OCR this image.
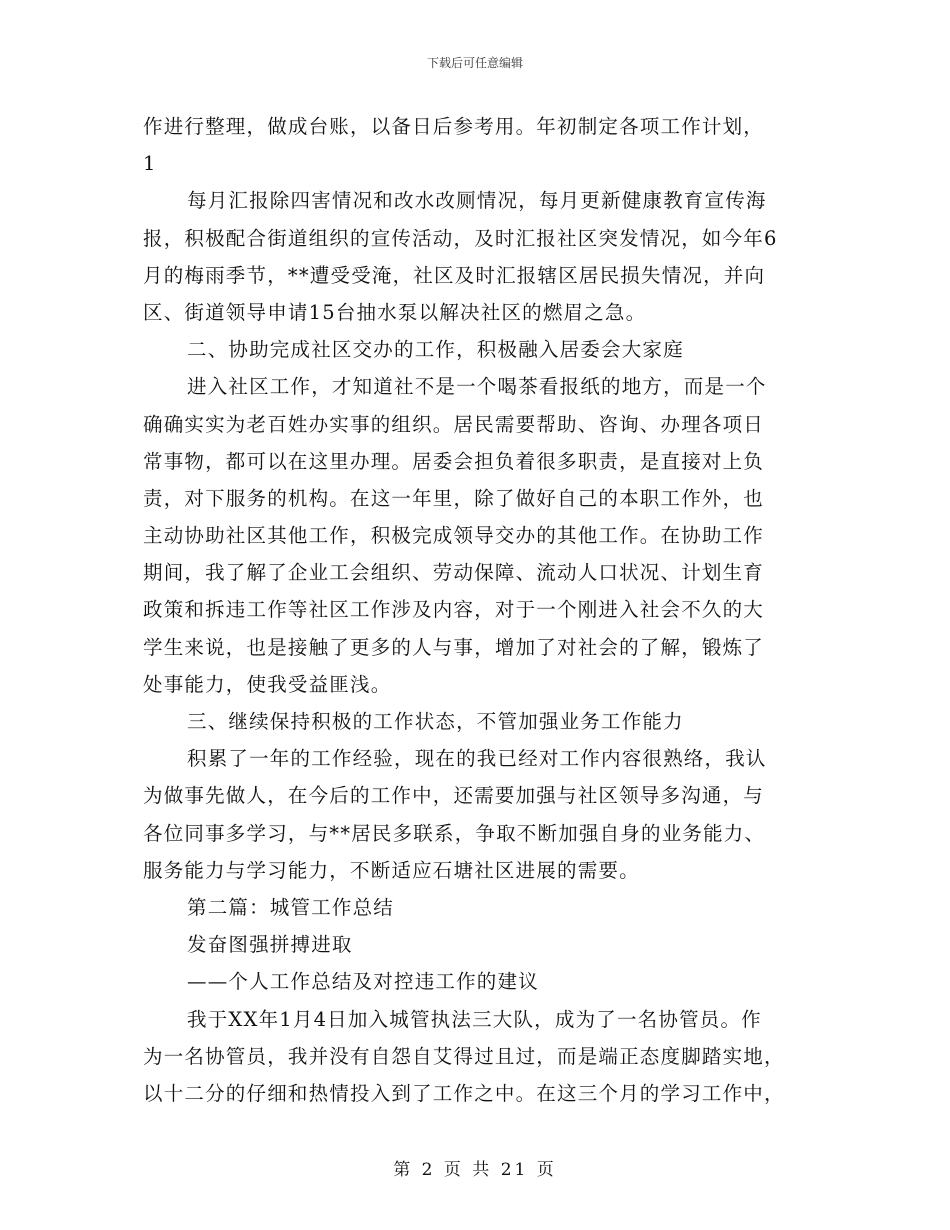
下载后可任意编辑
作进行整理，做成台账，以备日后参考用。年初制定各项工作计划，
1
每月汇报除四害情况和改水改厕情况，每月更新健康教育宣传海
报，积极配合街道组织的宣传活动，及时汇报社区突发情况，如今年6
月的梅雨季节，**遭受受淹，社区及时汇报辖区居民损失情况，并向
区、街道领导申请15台抽水泵以解决社区的燃眉之急。
二、协助完成社区交办的工作，积极融入居委会大家庭
进入社区工作，才知道社不是一个喝茶看报纸的地方，而是一个
确确实实为老百姓办实事的组织。居民需要帮助、咨询、办理各项日
常事物，都可以在这里办理。居委会担负着很多职责，是直接对上负
责，对下服务的机构。在这一年里，除了做好自己的本职工作外，也
主动协助社区其他工作，积极完成领导交办的其他工作。在协助工作
期间，我了解了企业工会组织、劳动保障、流动人口状况、计划生育
政策和拆违工作等社区工作涉及内容，对于一个刚进入社会不久的大
学生来说，也是接触了更多的人与事，增加了对社会的了解，锻炼了
处事能力，使我受益匪浅。
三、继续保持积极的工作状态，不管加强业务工作能力
积累了一年的工作经验，现在的我已经对工作内容很熟络，我认
为做事先做人，在今后的工作中，还需要加强与社区领导多沟通，与
各位同事多学习，与**居民多联系，争取不断加强自身的业务能力、
服务能力与学习能力，不断适应石塘社区进展的需要。
第二篇：城管工作总结
发奋图强拼搏进取
——个人工作总结及对控违工作的建议
我于XX年1月4日加入城管执法三大队，成为了一名协管员。作
为一名协管员，我并没有自怨自艾得过且过，而是端正态度脚踏实地，
以十二分的仔细和热情投入到了工作之中。在这三个月的学习工作中，
第 2 页 共 21 页
